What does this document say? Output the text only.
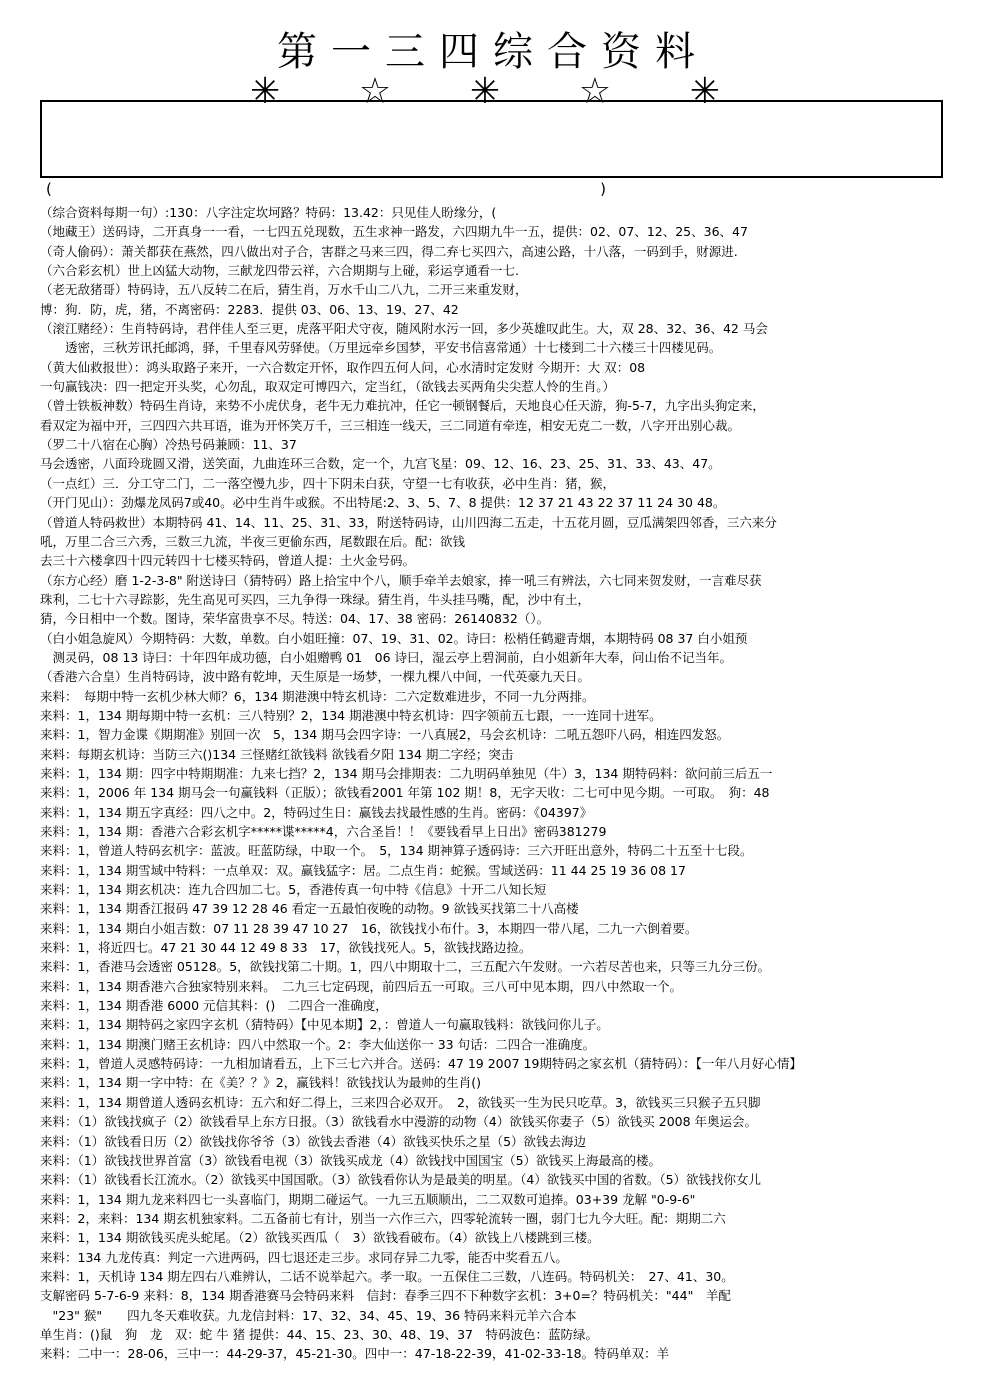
第一三四综合资料
✳ ☆ ✳ ☆ ✳
(	)
（综合资料每期一句）:130：八字注定坎坷路？特码：13.42：只见佳人盼缘分，(
（地藏王）送码诗，二开真身一一看，一七四五兑现数，五生求神一路发，六四期九牛一五，提供：02、07、12、25、36、47
（奇人偷码）：萧关都获在燕然，四八做出对子合，害群之马来三四，得二弃七买四六，高速公路，十八落，一码到手，财源进.
（六合彩玄机）世上凶猛大动物，三献龙四带云祥，六合期期与上碰，彩运亨通看一七.
（老无敌猪哥）特码诗，五八反转二在后，猜生肖，万水千山二八九，二开三来重发财，
博：狗．防，虎，猪，不离密码：2283．提供 03、06、13、19、27、42
（滚江赌经）：生肖特码诗，君伴佳人至三更，虎落平阳犬守夜，随风附水污一回，多少英雄叹此生。大，双 28、32、36、42 马会
　　透密，三秋芳讯托邮鸿，驿，千里春风劳驿使。（万里远牵乡国梦，平安书信喜常通）十七楼到二十六楼三十四楼见码。
（黄大仙救报世）：鸿头取路子来开，一六合数定开怀，取作四五何人问，心水清时定发财 今期开：大 双：08
一句赢钱决：四一把定开头奖，心勿乱，取双定可博四六，定当红，（欲钱去买两角尖尖惹人怜的生肖。）
（曾士铁板神数）特码生肖诗，来势不小虎伏身，老牛无力难抗冲，任它一顿钢餐后，天地良心任天游，狗-5-7，九字出头狗定来，
看双定为福中开，三四四六共耳语，谁为开怀笑万千，三三相连一线天，三二同道有牵连，相安无克二一数，八字开出别心裁。
（罗二十八宿在心胸）冷热号码兼顾：11、37
马会透密，八面玲珑圆又滑，送笑面，九曲连环三合数，定一个，九宫飞星：09、12、16、23、25、31、33、43、47。
（一点红）三．分工守二门，二一落空慢九步，四十下阴未白获，守望一七有收获，必中生肖：猪，猴，
（开门见山）：劲爆龙凤码7或40。必中生肖牛或猴。不出特尾:2、3、5、7、8 提供：12 37 21 43 22 37 11 24 30 48。
（曾道人特码救世）本期特码 41、14、11、25、31、33，附送特码诗，山川四海二五走，十五花月圆，豆瓜满架四邻香，三六来分
吼，万里二合三六秀，三数三九流，半夜三更偷东西，尾数跟在后。配：欲钱
去三十六楼拿四十四元转四十七楼买特码，曾道人提：土火金号码。
（东方心经）磨 1-2-3-8" 附送诗曰（猜特码）路上拾宝中个八，顺手牵羊去娘家，捧一吼三有辨法，六七同来贺发财，一言难尽获
珠利，二七十六寻踪影，先生高见可买四，三九争得一珠绿。猜生肖，牛头挂马嘴，配，沙中有土，
猜，今日相中一个数。图诗，荣华富贵享不尽。特送：04、17、38 密码：26140832（）。
（白小姐急旋风）今期特码：大数，单数。白小姐旺撞：07、19、31、02。诗曰：松梢任鹤避青烟，本期特码 08 37 白小姐预
　测灵码，08 13 诗曰：十年四年成功德，白小姐赠鸭 01　06 诗曰，湿云亭上碧洞前，白小姐新年大奉，问山佁不记当年。
（香港六合皇）生肖特码诗，波中路有乾坤，天生原是一场梦，一棵九棵八中间，一代英豪九天日。
来料：　每期中特一玄机少林大师？6，134 期港澳中特玄机诗：二六定数难进步，不同一九分两排。
来料：1，134 期每期中特一玄机：三八特别？2，134 期港澳中特玄机诗：四字领前五七跟，一一连同十进军。
来料：1，智力金谍《期期准》别回一次　5，134 期马会四字诗：一八真展2，马会玄机诗：二吼五怨吓八码，相连四发怒。
来料：每期玄机诗：当防三六()134 三怪赌红欲钱料 欲钱看夕阳 134 期二字经；突击
来料：1，134 期：四字中特期期准：九来七挡？2，134 期马会排期表：二九明码单独见（牛）3，134 期特码料：欲问前三后五一
来料：1，2006 年 134 期马会一句赢钱料（正版）；欲钱看2001 年第 102 期！8，无字天收：二七可中见今期。一可取。　狗：48
来料：1，134 期五字真经：四八之中。2，特码过生日：赢钱去找最性感的生肖。密码：《04397》
来料：1，134 期：香港六合彩玄机字*****谍*****4，六合圣旨！！《要钱看早上日出》密码381279
来料：1，曾道人特码玄机字：蓝波。旺蓝防绿，中取一个。　5，134 期神算子透码诗：三六开旺出意外，特码二十五至十七段。
来料：1，134 期雪域中特料：一点单双：双。赢钱猛字：居。二点生肖：蛇猴。雪域送码：11 44 25 19 36 08 17
来料：1，134 期玄机决：连九合四加二七。5，香港传真一句中特《信息》十开二八知长短
来料：1，134 期香江报码 47 39 12 28 46 看定一五最怕夜晚的动物。9 欲钱买找第二十八高楼
来料：1，134 期白小姐吉数：07 11 28 39 47 10 27　16，欲钱找小布什。3，本期四一带八尾，二九一六倒着要。
来料：1，将近四七。47 21 30 44 12 49 8 33　17，欲钱找死人。5，欲钱找路边捡。
来料：1，香港马会透密 05128。5，欲钱找第二十期。1，四八中期取十二，三五配六午发财。一六若尽苦也来，只等三九分三份。
来料：1，134 期香港六合独家特别来料。　二九三七定码现，前四后五一可取。三八可中见本期，四八中然取一个。
来料：1，134 期香港 6000 元信其料：()　二四合一准确度，
来料：1，134 期特码之家四字玄机（猜特码）【中见本期】2，：曾道人一句赢取钱料：欲钱问你儿子。
来料：1，134 期澳门赌王玄机诗：四八中然取一个。2：李大仙送你一 33 句话：二四合一准确度。
来料：1，曾道人灵感特码诗：一九相加请看五，上下三七六并合。送码：47 19 2007 19期特码之家玄机（猜特码）：【一年八月好心情】
来料：1，134 期一字中特：在《美？？》2，赢钱料！欲钱找认为最帅的生肖()
来料：1，134 期曾道人透码玄机诗：五六和好二得上，三来四合必双开。　2，欲钱买一生为民只吃草。3，欲钱买三只猴子五只脚
来料：（1）欲钱找疯子（2）欲钱看早上东方日报。（3）欲钱看水中漫游的动物（4）欲钱买你妻子（5）欲钱买 2008 年奥运会。
来料：（1）欲钱看日历（2）欲钱找你爷爷（3）欲钱去香港（4）欲钱买快乐之星（5）欲钱去海边
来料：（1）欲钱找世界首富（3）欲钱看电视（3）欲钱买成龙（4）欲钱找中国国宝（5）欲钱买上海最高的楼。
来料：（1）欲钱看长江流水。（2）欲钱买中国国歌。（3）欲钱看你认为是最美的明星。（4）欲钱买中国的省数。（5）欲钱找你女儿
来料：1，134 期九龙来料四七一头喜临门，期期二碰运气。一九三五顺顺出，二二双数可追捧。03+39 龙解 "0-9-6"
来料：2，来料：134 期玄机独家料。二五备前七有计，别当一六作三六，四零轮流转一圈，弱门七九今大旺。配：期期二六
来料：1，134 期欲钱买虎头蛇尾。（2）欲钱买西瓜（　3）欲钱看破布。（4）欲钱上八楼跳到三楼。
来料：134 九龙传真：判定一六进两码，四七退还走三步。求同存异二九零，能否中奖看五八。
来料：1，天机诗 134 期左四右八难辨认，二话不说举起六。孝一取。一五保住二三数，八连码。特码机关：　27、41、30。
支解密码 5-7-6-9 来料：8，134 期香港赛马会特码来料　信封：春季三四不下种数字玄机：3+0=？特码机关："44"　羊配
　"23" 猴"　　四九冬天难收获。九龙信封料：17、32、34、45、19、36 特码来料元羊六合本
单生肖：()鼠　狗　龙　双：蛇 牛 猪 提供：44、15、23、30、48、19、37　特码波色：蓝防绿。
来料：二中一：28-06，三中一：44-29-37，45-21-30。四中一：47-18-22-39，41-02-33-18。特码单双：羊
